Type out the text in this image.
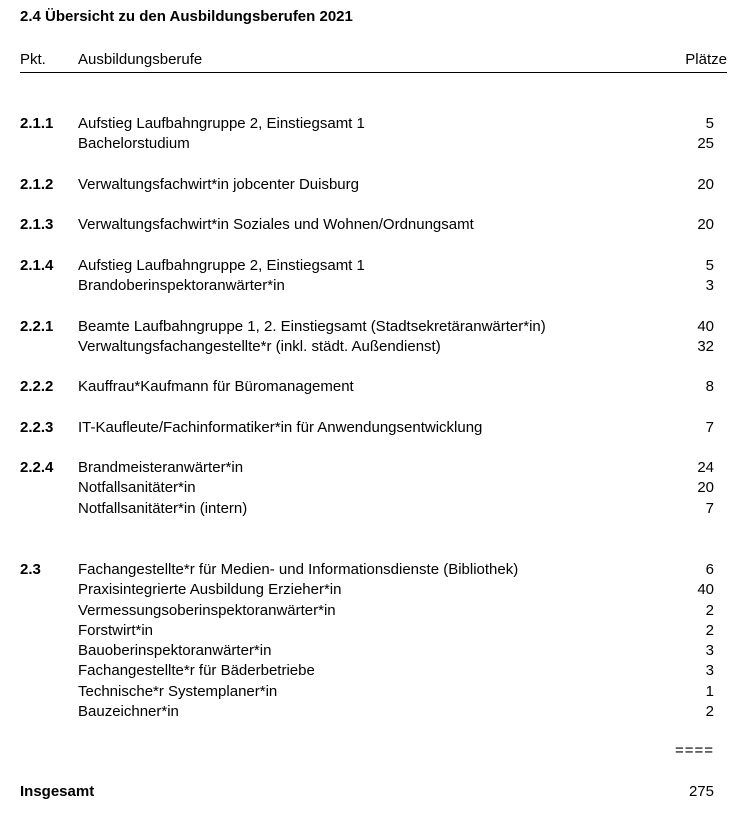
2.4 Übersicht zu den Ausbildungsberufen 2021
Pkt. Ausbildungsberufe	Plätze
2.1.1 Aufstieg Laufbahngruppe 2, Einstiegsamt 1	5
Bachelorstudium	25
2.1.2 Verwaltungsfachwirt*in jobcenter Duisburg	20
2.1.3 Verwaltungsfachwirt*in Soziales und Wohnen/Ordnungsamt	20
2.1.4 Aufstieg Laufbahngruppe 2, Einstiegsamt 1	5
Brandoberinspektoranwärter*in	3
2.2.1 Beamte Laufbahngruppe 1, 2. Einstiegsamt (Stadtsekretäranwärter*in)	40
Verwaltungsfachangestellte*r (inkl. städt. Außendienst)	32
2.2.2 Kauffrau*Kaufmann für Büromanagement	8
2.2.3 IT-Kaufleute/Fachinformatiker*in für Anwendungsentwicklung	7
2.2.4 Brandmeisteranwärter*in	24
Notfallsanitäter*in	20
Notfallsanitäter*in (intern)	7
2.3 Fachangestellte*r für Medien- und Informationsdienste (Bibliothek)	6
Praxisintegrierte Ausbildung Erzieher*in	40
Vermessungsoberinspektoranwärter*in	2
Forstwirt*in	2
Bauoberinspektoranwärter*in	3
Fachangestellte*r für Bäderbetriebe	3
Technische*r Systemplaner*in	1
Bauzeichner*in	2
====
Insgesamt	275
